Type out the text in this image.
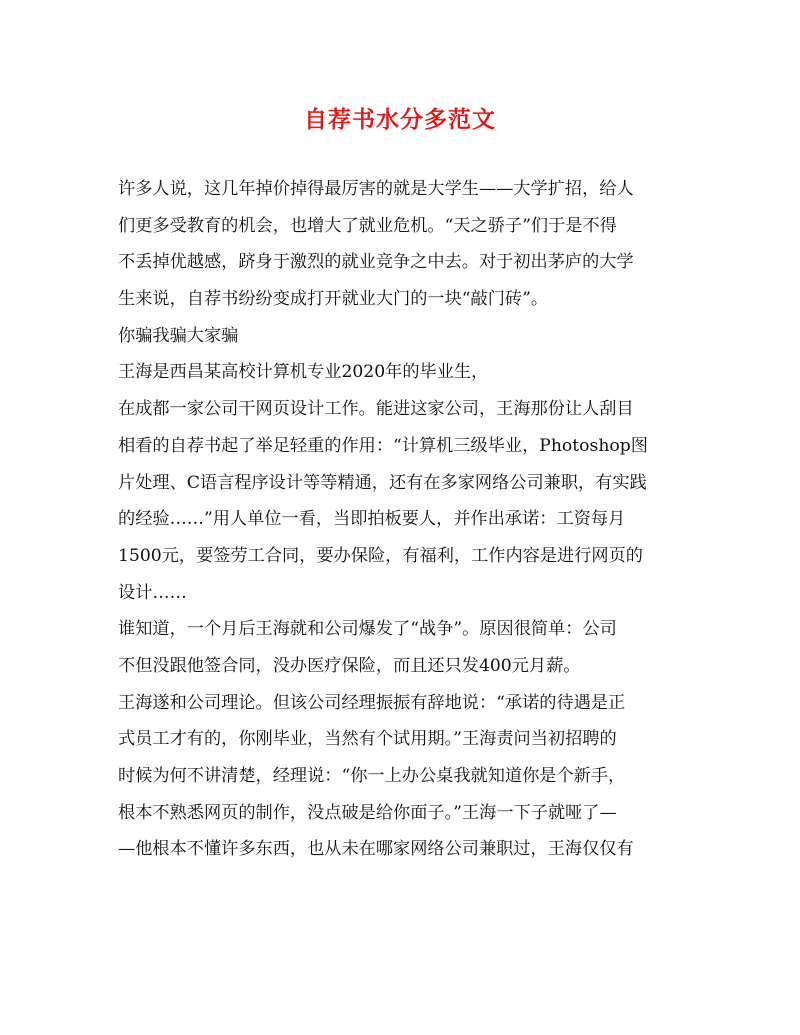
自荐书水分多范文
许多人说，这几年掉价掉得最厉害的就是大学生——大学扩招，给人
们更多受教育的机会，也增大了就业危机。“天之骄子”们于是不得
不丢掉优越感，跻身于激烈的就业竞争之中去。对于初出茅庐的大学
生来说，自荐书纷纷变成打开就业大门的一块“敲门砖”。
你骗我骗大家骗
王海是西昌某高校计算机专业2020年的毕业生，
在成都一家公司干网页设计工作。能进这家公司，王海那份让人刮目
相看的自荐书起了举足轻重的作用：“计算机三级毕业，Photoshop图
片处理、C语言程序设计等等精通，还有在多家网络公司兼职，有实践
的经验……”用人单位一看，当即拍板要人，并作出承诺：工资每月
1500元，要签劳工合同，要办保险，有福利，工作内容是进行网页的
设计……
谁知道，一个月后王海就和公司爆发了“战争”。原因很简单：公司
不但没跟他签合同，没办医疗保险，而且还只发400元月薪。
王海遂和公司理论。但该公司经理振振有辞地说：“承诺的待遇是正
式员工才有的，你刚毕业，当然有个试用期。”王海责问当初招聘的
时候为何不讲清楚，经理说：“你一上办公桌我就知道你是个新手，
根本不熟悉网页的制作，没点破是给你面子。”王海一下子就哑了—
—他根本不懂许多东西，也从未在哪家网络公司兼职过，王海仅仅有
